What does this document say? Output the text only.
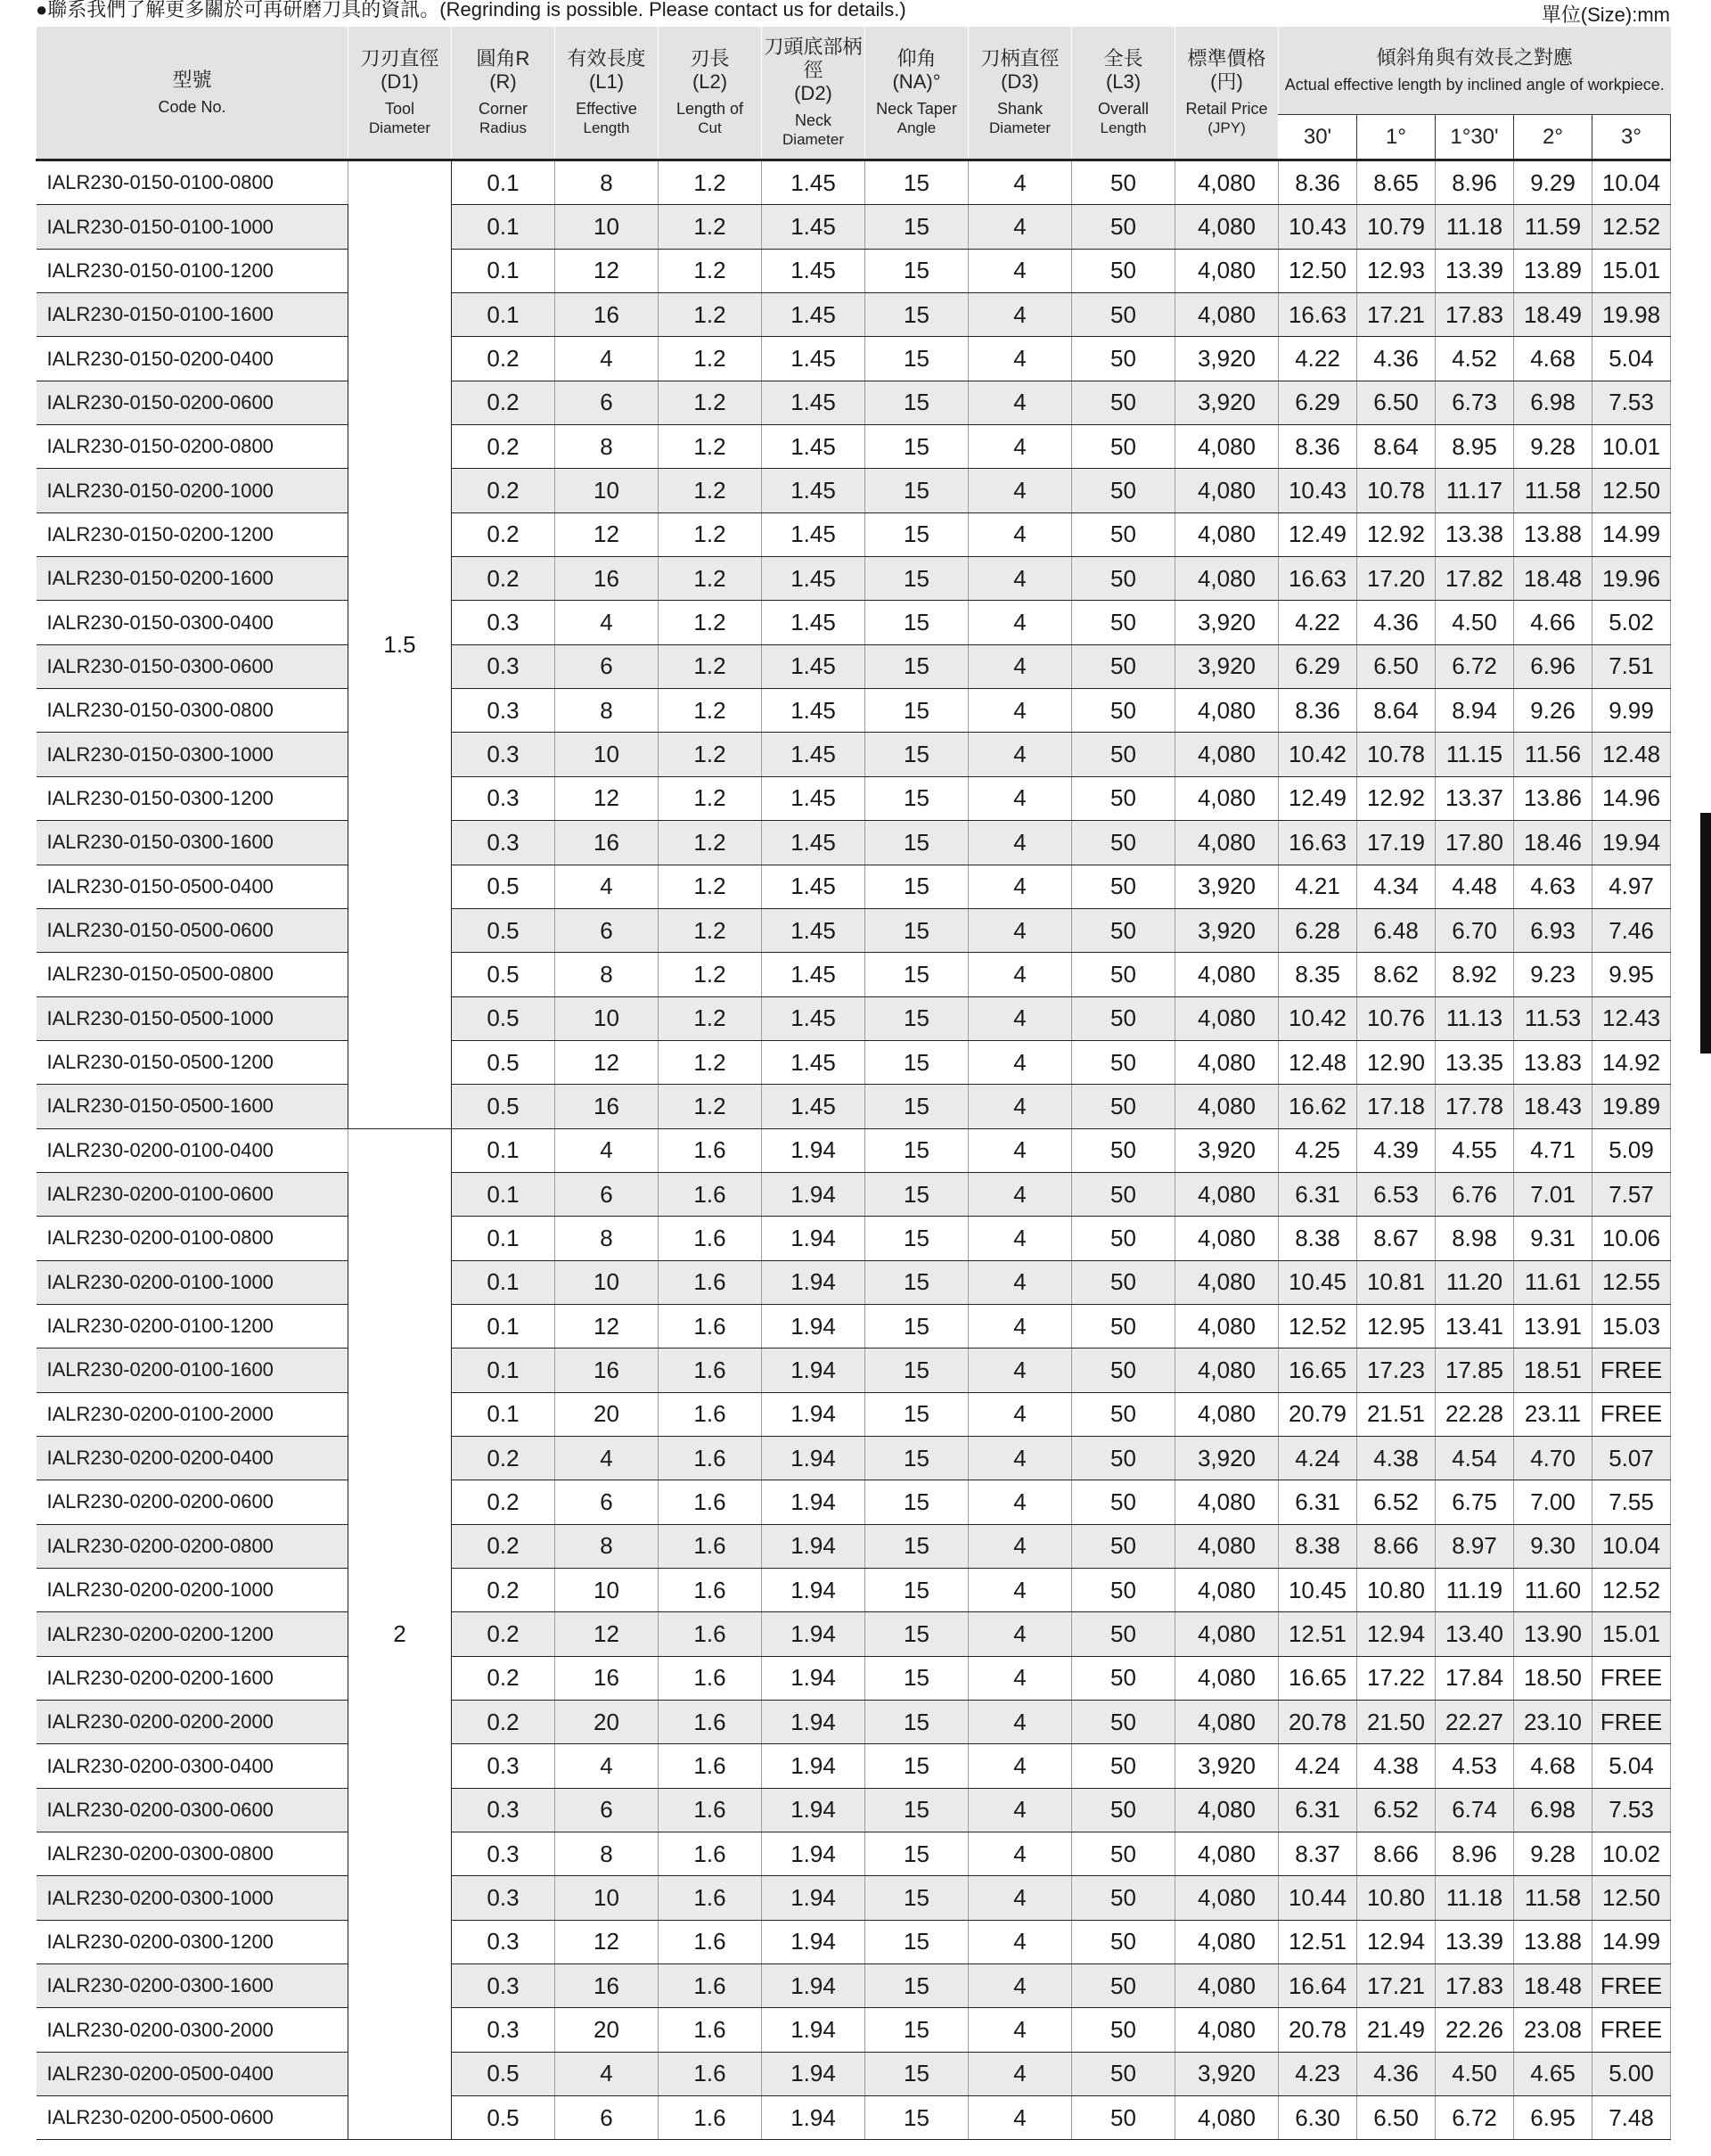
●聯系我們了解更多關於可再研磨刀具的資訊。(Regrinding is possible. Please contact us for details.)	單位(Size):mm
型號
Code No.	刀刃直徑
(D1)
Tool
Diameter	圓角R
(R)
Corner
Radius	有效長度
(L1)
Effective
Length	刃長
(L2)
Length of
Cut	刀頭底部柄徑
(D2)
Neck
Diameter	仰角
(NA)°
Neck Taper
Angle	刀柄直徑
(D3)
Shank
Diameter	全長
(L3)
Overall
Length	標準價格
(円)
Retail Price
(JPY)	傾斜角與有效長之對應
Actual effective length by inclined angle of workpiece.				

										30'	1°	1°30'	2°	3°
IALR230-0150-0100-0800	1.5	0.1	8	1.2	1.45	15	4	50	4,080	8.36	8.65	8.96	9.29	10.04
IALR230-0150-0100-1000		0.1	10	1.2	1.45	15	4	50	4,080	10.43	10.79	11.18	11.59	12.52
IALR230-0150-0100-1200		0.1	12	1.2	1.45	15	4	50	4,080	12.50	12.93	13.39	13.89	15.01
IALR230-0150-0100-1600		0.1	16	1.2	1.45	15	4	50	4,080	16.63	17.21	17.83	18.49	19.98
IALR230-0150-0200-0400		0.2	4	1.2	1.45	15	4	50	3,920	4.22	4.36	4.52	4.68	5.04
IALR230-0150-0200-0600		0.2	6	1.2	1.45	15	4	50	3,920	6.29	6.50	6.73	6.98	7.53
IALR230-0150-0200-0800		0.2	8	1.2	1.45	15	4	50	4,080	8.36	8.64	8.95	9.28	10.01
IALR230-0150-0200-1000		0.2	10	1.2	1.45	15	4	50	4,080	10.43	10.78	11.17	11.58	12.50
IALR230-0150-0200-1200		0.2	12	1.2	1.45	15	4	50	4,080	12.49	12.92	13.38	13.88	14.99
IALR230-0150-0200-1600		0.2	16	1.2	1.45	15	4	50	4,080	16.63	17.20	17.82	18.48	19.96
IALR230-0150-0300-0400		0.3	4	1.2	1.45	15	4	50	3,920	4.22	4.36	4.50	4.66	5.02
IALR230-0150-0300-0600		0.3	6	1.2	1.45	15	4	50	3,920	6.29	6.50	6.72	6.96	7.51
IALR230-0150-0300-0800		0.3	8	1.2	1.45	15	4	50	4,080	8.36	8.64	8.94	9.26	9.99
IALR230-0150-0300-1000		0.3	10	1.2	1.45	15	4	50	4,080	10.42	10.78	11.15	11.56	12.48
IALR230-0150-0300-1200		0.3	12	1.2	1.45	15	4	50	4,080	12.49	12.92	13.37	13.86	14.96
IALR230-0150-0300-1600		0.3	16	1.2	1.45	15	4	50	4,080	16.63	17.19	17.80	18.46	19.94
IALR230-0150-0500-0400		0.5	4	1.2	1.45	15	4	50	3,920	4.21	4.34	4.48	4.63	4.97
IALR230-0150-0500-0600		0.5	6	1.2	1.45	15	4	50	3,920	6.28	6.48	6.70	6.93	7.46
IALR230-0150-0500-0800		0.5	8	1.2	1.45	15	4	50	4,080	8.35	8.62	8.92	9.23	9.95
IALR230-0150-0500-1000		0.5	10	1.2	1.45	15	4	50	4,080	10.42	10.76	11.13	11.53	12.43
IALR230-0150-0500-1200		0.5	12	1.2	1.45	15	4	50	4,080	12.48	12.90	13.35	13.83	14.92
IALR230-0150-0500-1600		0.5	16	1.2	1.45	15	4	50	4,080	16.62	17.18	17.78	18.43	19.89
IALR230-0200-0100-0400	2	0.1	4	1.6	1.94	15	4	50	3,920	4.25	4.39	4.55	4.71	5.09
IALR230-0200-0100-0600		0.1	6	1.6	1.94	15	4	50	4,080	6.31	6.53	6.76	7.01	7.57
IALR230-0200-0100-0800		0.1	8	1.6	1.94	15	4	50	4,080	8.38	8.67	8.98	9.31	10.06
IALR230-0200-0100-1000		0.1	10	1.6	1.94	15	4	50	4,080	10.45	10.81	11.20	11.61	12.55
IALR230-0200-0100-1200		0.1	12	1.6	1.94	15	4	50	4,080	12.52	12.95	13.41	13.91	15.03
IALR230-0200-0100-1600		0.1	16	1.6	1.94	15	4	50	4,080	16.65	17.23	17.85	18.51	FREE
IALR230-0200-0100-2000		0.1	20	1.6	1.94	15	4	50	4,080	20.79	21.51	22.28	23.11	FREE
IALR230-0200-0200-0400		0.2	4	1.6	1.94	15	4	50	3,920	4.24	4.38	4.54	4.70	5.07
IALR230-0200-0200-0600		0.2	6	1.6	1.94	15	4	50	4,080	6.31	6.52	6.75	7.00	7.55
IALR230-0200-0200-0800		0.2	8	1.6	1.94	15	4	50	4,080	8.38	8.66	8.97	9.30	10.04
IALR230-0200-0200-1000		0.2	10	1.6	1.94	15	4	50	4,080	10.45	10.80	11.19	11.60	12.52
IALR230-0200-0200-1200		0.2	12	1.6	1.94	15	4	50	4,080	12.51	12.94	13.40	13.90	15.01
IALR230-0200-0200-1600		0.2	16	1.6	1.94	15	4	50	4,080	16.65	17.22	17.84	18.50	FREE
IALR230-0200-0200-2000		0.2	20	1.6	1.94	15	4	50	4,080	20.78	21.50	22.27	23.10	FREE
IALR230-0200-0300-0400		0.3	4	1.6	1.94	15	4	50	3,920	4.24	4.38	4.53	4.68	5.04
IALR230-0200-0300-0600		0.3	6	1.6	1.94	15	4	50	4,080	6.31	6.52	6.74	6.98	7.53
IALR230-0200-0300-0800		0.3	8	1.6	1.94	15	4	50	4,080	8.37	8.66	8.96	9.28	10.02
IALR230-0200-0300-1000		0.3	10	1.6	1.94	15	4	50	4,080	10.44	10.80	11.18	11.58	12.50
IALR230-0200-0300-1200		0.3	12	1.6	1.94	15	4	50	4,080	12.51	12.94	13.39	13.88	14.99
IALR230-0200-0300-1600		0.3	16	1.6	1.94	15	4	50	4,080	16.64	17.21	17.83	18.48	FREE
IALR230-0200-0300-2000		0.3	20	1.6	1.94	15	4	50	4,080	20.78	21.49	22.26	23.08	FREE
IALR230-0200-0500-0400		0.5	4	1.6	1.94	15	4	50	3,920	4.23	4.36	4.50	4.65	5.00
IALR230-0200-0500-0600		0.5	6	1.6	1.94	15	4	50	4,080	6.30	6.50	6.72	6.95	7.48
